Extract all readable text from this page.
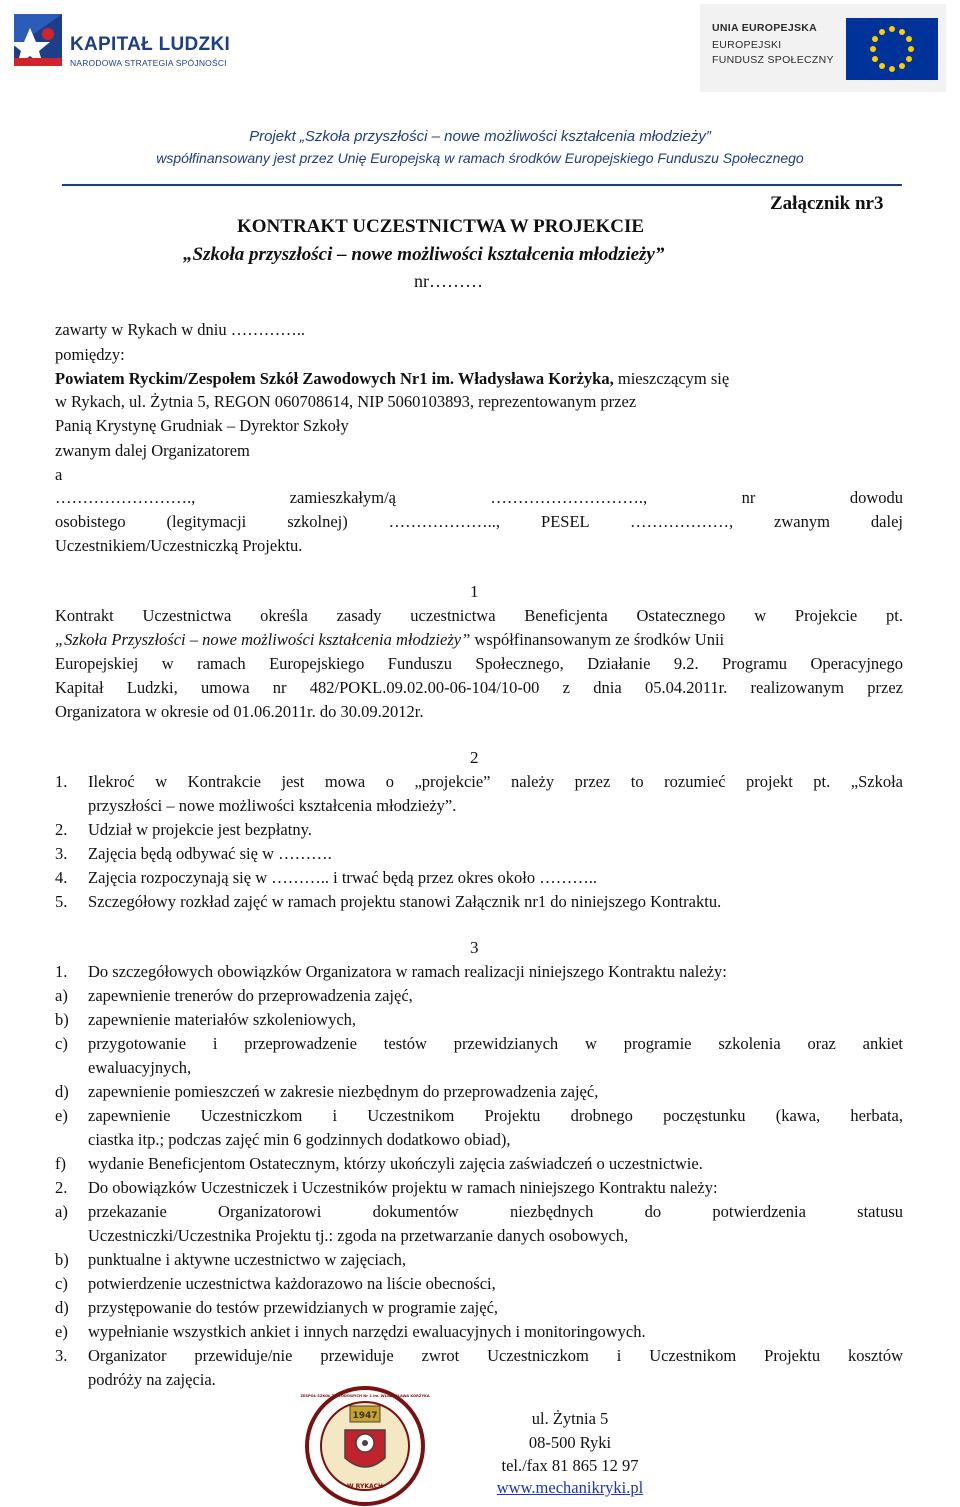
KAPITAŁ LUDZKI
NARODOWA STRATEGIA SPÓJNOŚCI
UNIA EUROPEJSKA
EUROPEJSKI
FUNDUSZ SPOŁECZNY
Projekt „Szkoła przyszłości – nowe możliwości kształcenia młodzieży”
współfinansowany jest przez Unię Europejską w ramach środków Europejskiego Funduszu Społecznego
Załącznik nr3
KONTRAKT UCZESTNICTWA W PROJEKCIE
„Szkoła przyszłości – nowe możliwości kształcenia młodzieży”
nr………
zawarty w Rykach w dniu …………..
pomiędzy:
Powiatem Ryckim/Zespołem Szkół Zawodowych Nr1 im. Władysława Korżyka, mieszczącym się
w Rykach, ul. Żytnia 5, REGON 060708614, NIP 5060103893, reprezentowanym przez
Panią Krystynę Grudniak – Dyrektor Szkoły
zwanym dalej Organizatorem
a
……………………., zamieszkałym/ą ………………………., nr dowodu
osobistego (legitymacji szkolnej) ……………….., PESEL ………………, zwanym dalej
Uczestnikiem/Uczestniczką Projektu.
1
Kontrakt Uczestnictwa określa zasady uczestnictwa Beneficjenta Ostatecznego w Projekcie pt.
„Szkoła Przyszłości – nowe możliwości kształcenia młodzieży” współfinansowanym ze środków Unii
Europejskiej w ramach Europejskiego Funduszu Społecznego, Działanie 9.2. Programu Operacyjnego
Kapitał Ludzki, umowa nr 482/POKL.09.02.00-06-104/10-00 z dnia 05.04.2011r. realizowanym przez
Organizatora w okresie od 01.06.2011r. do 30.09.2012r.
2
1. Ilekroć w Kontrakcie jest mowa o „projekcie” należy przez to rozumieć projekt pt. „Szkoła
przyszłości – nowe możliwości kształcenia młodzieży”.
2. Udział w projekcie jest bezpłatny.
3. Zajęcia będą odbywać się w ……….
4. Zajęcia rozpoczynają się w ……….. i trwać będą przez okres około ………..
5. Szczegółowy rozkład zajęć w ramach projektu stanowi Załącznik nr1 do niniejszego Kontraktu.
3
1. Do szczegółowych obowiązków Organizatora w ramach realizacji niniejszego Kontraktu należy:
a) zapewnienie trenerów do przeprowadzenia zajęć,
b) zapewnienie materiałów szkoleniowych,
c) przygotowanie i przeprowadzenie testów przewidzianych w programie szkolenia oraz ankiet
ewaluacyjnych,
d) zapewnienie pomieszczeń w zakresie niezbędnym do przeprowadzenia zajęć,
e) zapewnienie Uczestniczkom i Uczestnikom Projektu drobnego poczęstunku (kawa, herbata,
ciastka itp.; podczas zajęć min 6 godzinnych dodatkowo obiad),
f) wydanie Beneficjentom Ostatecznym, którzy ukończyli zajęcia zaświadczeń o uczestnictwie.
2. Do obowiązków Uczestniczek i Uczestników projektu w ramach niniejszego Kontraktu należy:
a) przekazanie Organizatorowi dokumentów niezbędnych do potwierdzenia statusu
Uczestniczki/Uczestnika Projektu tj.: zgoda na przetwarzanie danych osobowych,
b) punktualne i aktywne uczestnictwo w zajęciach,
c) potwierdzenie uczestnictwa każdorazowo na liście obecności,
d) przystępowanie do testów przewidzianych w programie zajęć,
e) wypełnianie wszystkich ankiet i innych narzędzi ewaluacyjnych i monitoringowych.
3. Organizator przewiduje/nie przewiduje zwrot Uczestniczkom i Uczestnikom Projektu kosztów
podróży na zajęcia.
1947
W RYKACH
ZESPÓŁ SZKÓŁ ZAWODOWYCH Nr 1 im. WŁADYSŁAWA KORŻYKA
ul. Żytnia 5
08-500 Ryki
tel./fax 81 865 12 97
www.mechanikryki.pl
